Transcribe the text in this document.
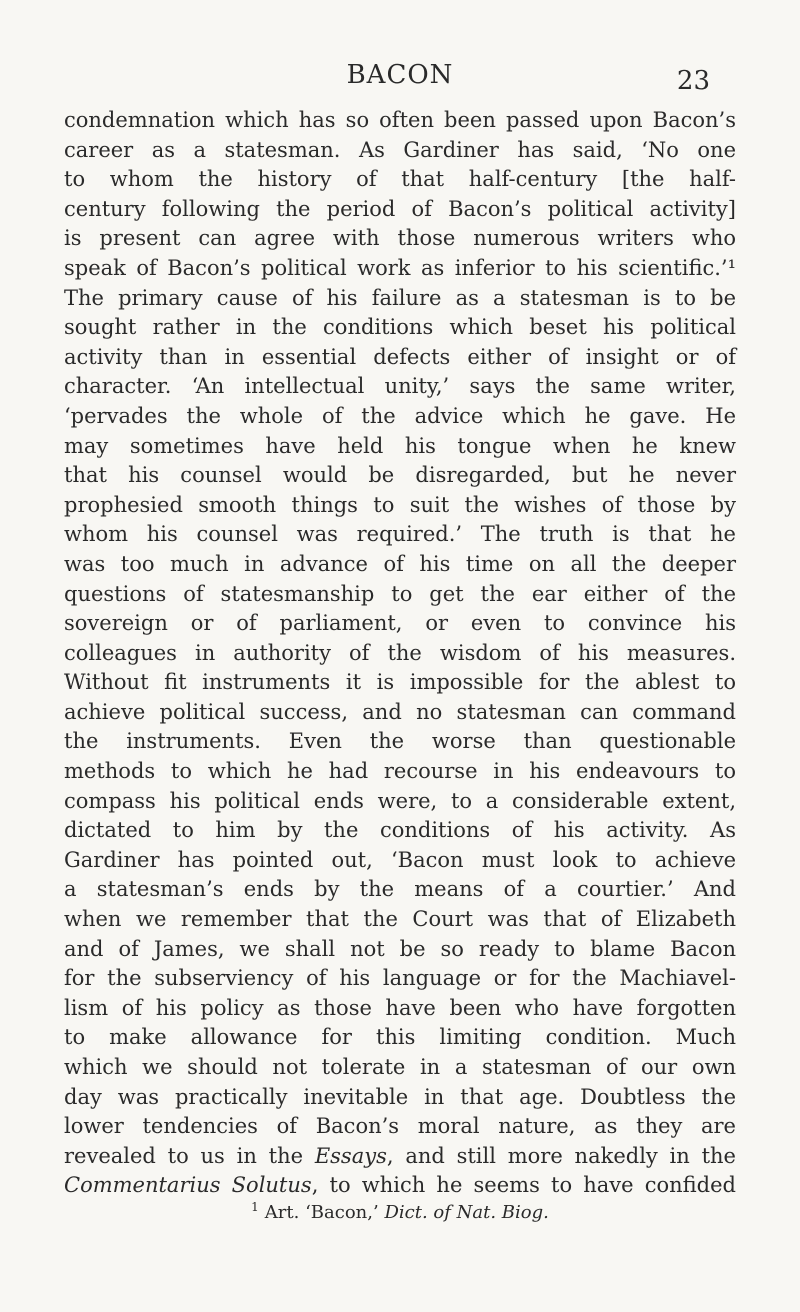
BACON	23
condemnation which has so often been passed upon Bacon’s
career as a statesman. As Gardiner has said, ‘No one
to whom the history of that half-century [the half-
century following the period of Bacon’s political activity]
is present can agree with those numerous writers who
speak of Bacon’s political work as inferior to his scientific.’¹
The primary cause of his failure as a statesman is to be
sought rather in the conditions which beset his political
activity than in essential defects either of insight or of
character. ‘An intellectual unity,’ says the same writer,
‘pervades the whole of the advice which he gave. He
may sometimes have held his tongue when he knew
that his counsel would be disregarded, but he never
prophesied smooth things to suit the wishes of those by
whom his counsel was required.’ The truth is that he
was too much in advance of his time on all the deeper
questions of statesmanship to get the ear either of the
sovereign or of parliament, or even to convince his
colleagues in authority of the wisdom of his measures.
Without fit instruments it is impossible for the ablest to
achieve political success, and no statesman can command
the instruments. Even the worse than questionable
methods to which he had recourse in his endeavours to
compass his political ends were, to a considerable extent,
dictated to him by the conditions of his activity. As
Gardiner has pointed out, ‘Bacon must look to achieve
a statesman’s ends by the means of a courtier.’ And
when we remember that the Court was that of Elizabeth
and of James, we shall not be so ready to blame Bacon
for the subserviency of his language or for the Machiavel-
lism of his policy as those have been who have forgotten
to make allowance for this limiting condition. Much
which we should not tolerate in a statesman of our own
day was practically inevitable in that age. Doubtless the
lower tendencies of Bacon’s moral nature, as they are
revealed to us in the Essays, and still more nakedly in the
Commentarius Solutus, to which he seems to have confided
$^1$ Art. ‘Bacon,’ Dict. of Nat. Biog.
